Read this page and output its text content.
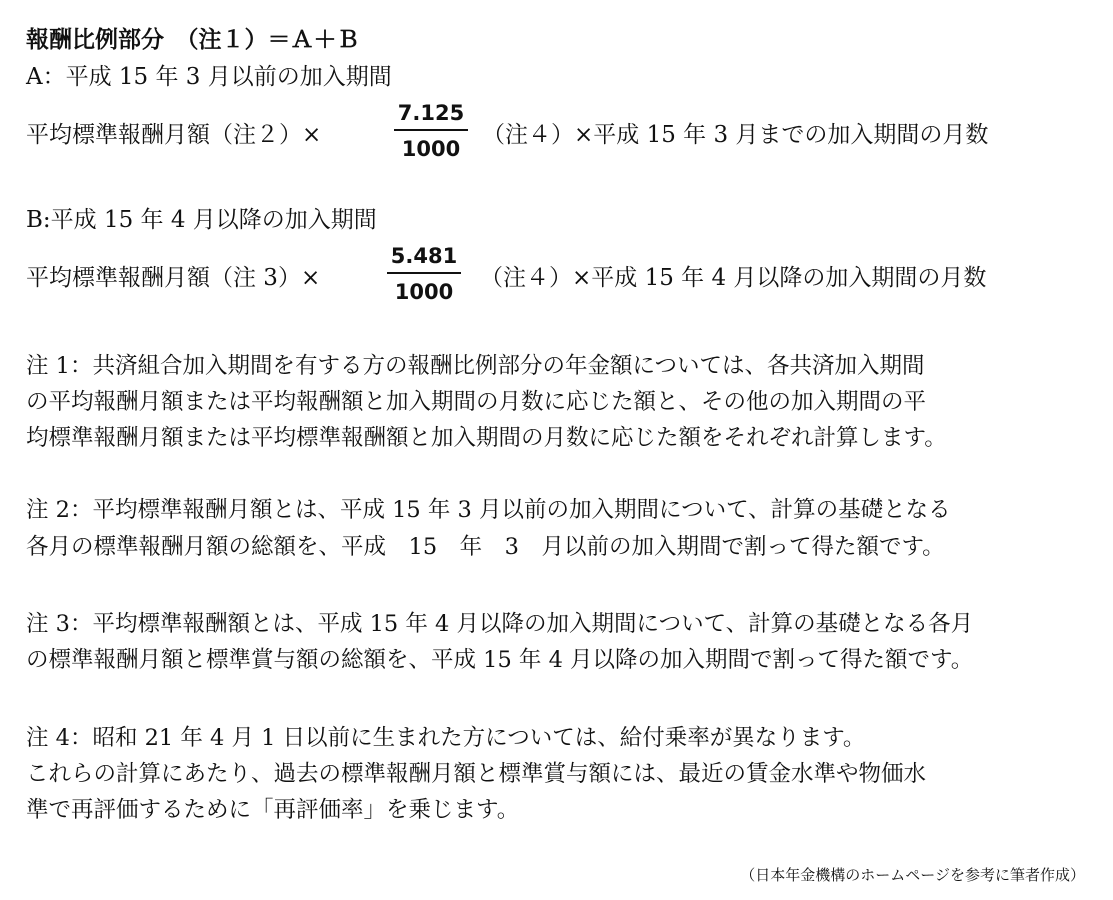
報酬比例部分　（注１）＝Ａ＋Ｂ
A：平成 15 年 3 月以前の加入期間
平均標準報酬月額（注２）×
7.125
1000
（注４）×平成 15 年 3 月までの加入期間の月数
B:平成 15 年 4 月以降の加入期間
平均標準報酬月額（注 3）×
5.481
1000
（注４）×平成 15 年 4 月以降の加入期間の月数
注 1：共済組合加入期間を有する方の報酬比例部分の年金額については、各共済加入期間
の平均報酬月額または平均報酬額と加入期間の月数に応じた額と、その他の加入期間の平
均標準報酬月額または平均標準報酬額と加入期間の月数に応じた額をそれぞれ計算します。
注 2：平均標準報酬月額とは、平成 15 年 3 月以前の加入期間について、計算の基礎となる
各月の標準報酬月額の総額を、平成　15　年　3　月以前の加入期間で割って得た額です。
注 3：平均標準報酬額とは、平成 15 年 4 月以降の加入期間について、計算の基礎となる各月
の標準報酬月額と標準賞与額の総額を、平成 15 年 4 月以降の加入期間で割って得た額です。
注 4：昭和 21 年 4 月 1 日以前に生まれた方については、給付乗率が異なります。
これらの計算にあたり、過去の標準報酬月額と標準賞与額には、最近の賃金水準や物価水
準で再評価するために「再評価率」を乗じます。
（日本年金機構のホームページを参考に筆者作成）
